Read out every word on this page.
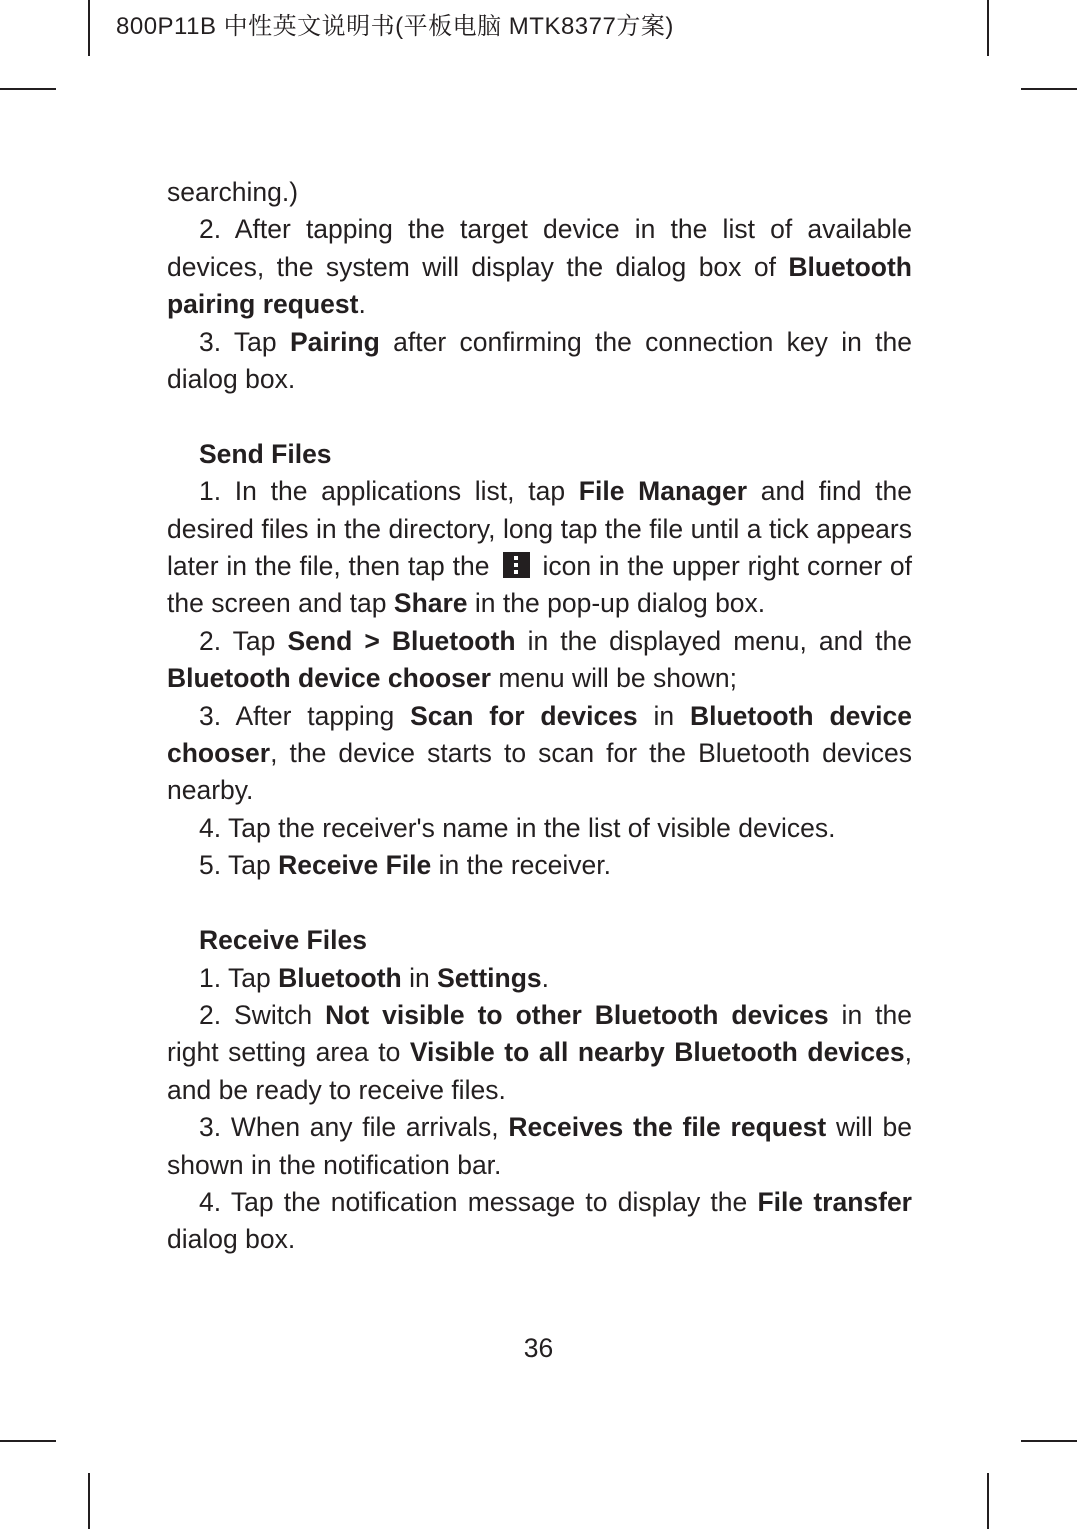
800P11B 中性英文说明书(平板电脑 MTK8377方案)

searching.)

2. After tapping the target device in the list of available devices, the system will display the dialog box of Bluetooth pairing request.

3. Tap Pairing after confirming the connection key in the dialog box.

Send Files

1. In the applications list, tap File Manager and find the desired files in the directory, long tap the file until a tick appears later in the file, then tap the icon in the upper right corner of the screen and tap Share in the pop-up dialog box.

2. Tap Send > Bluetooth in the displayed menu, and the Bluetooth device chooser menu will be shown;

3. After tapping Scan for devices in Bluetooth device chooser, the device starts to scan for the Bluetooth devices nearby.

4. Tap the receiver's name in the list of visible devices.

5. Tap Receive File in the receiver.

Receive Files

1. Tap Bluetooth in Settings.

2. Switch Not visible to other Bluetooth devices in the right setting area to Visible to all nearby Bluetooth devices, and be ready to receive files.

3. When any file arrivals, Receives the file request will be shown in the notification bar.

4. Tap the notification message to display the File transfer dialog box.

36
